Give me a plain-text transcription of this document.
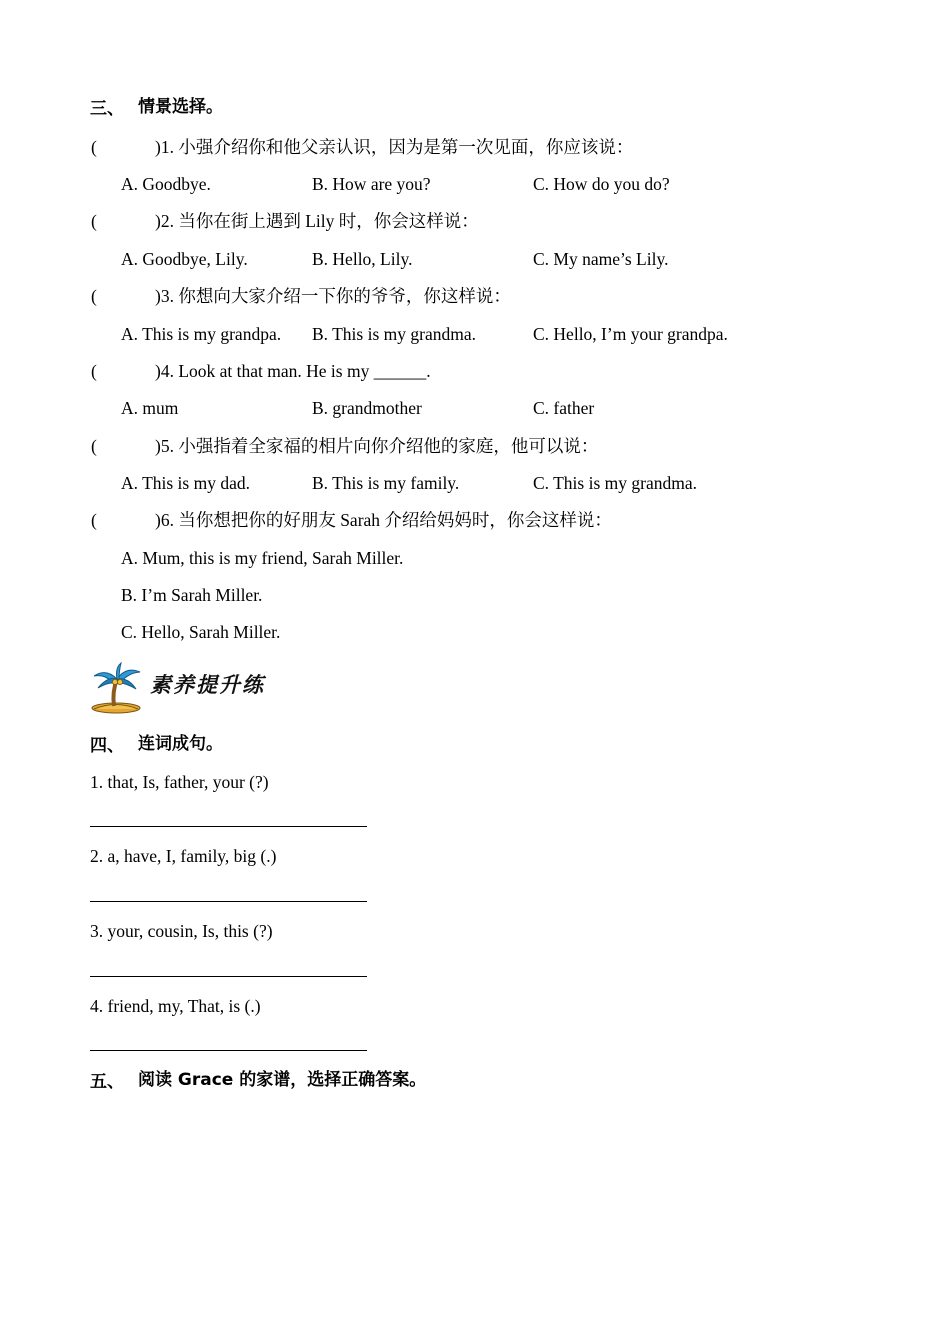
三、 情景选择。
(	)1. 小强介绍你和他父亲认识，因为是第一次见面，你应该说：
A. Goodbye.	B. How are you?	C. How do you do?
(	)2. 当你在街上遇到 Lily 时，你会这样说：
A. Goodbye, Lily.	B. Hello, Lily.	C. My name’s Lily.
(	)3. 你想向大家介绍一下你的爷爷，你这样说：
A. This is my grandpa. B. This is my grandma.	C. Hello, I’m your grandpa.
(	)4. Look at that man. He is my ______.
A. mum	B. grandmother	C. father
(	)5. 小强指着全家福的相片向你介绍他的家庭，他可以说：
A. This is my dad.	B. This is my family.	C. This is my grandma.
(	)6. 当你想把你的好朋友 Sarah 介绍给妈妈时，你会这样说：
A. Mum, this is my friend, Sarah Miller.
B. I’m Sarah Miller.
C. Hello, Sarah Miller.
素养提升练
四、 连词成句。
1. that, Is, father, your (?)
2. a, have, I, family, big (.)
3. your, cousin, Is, this (?)
4. friend, my, That, is (.)
五、 阅读 Grace 的家谱，选择正确答案。
